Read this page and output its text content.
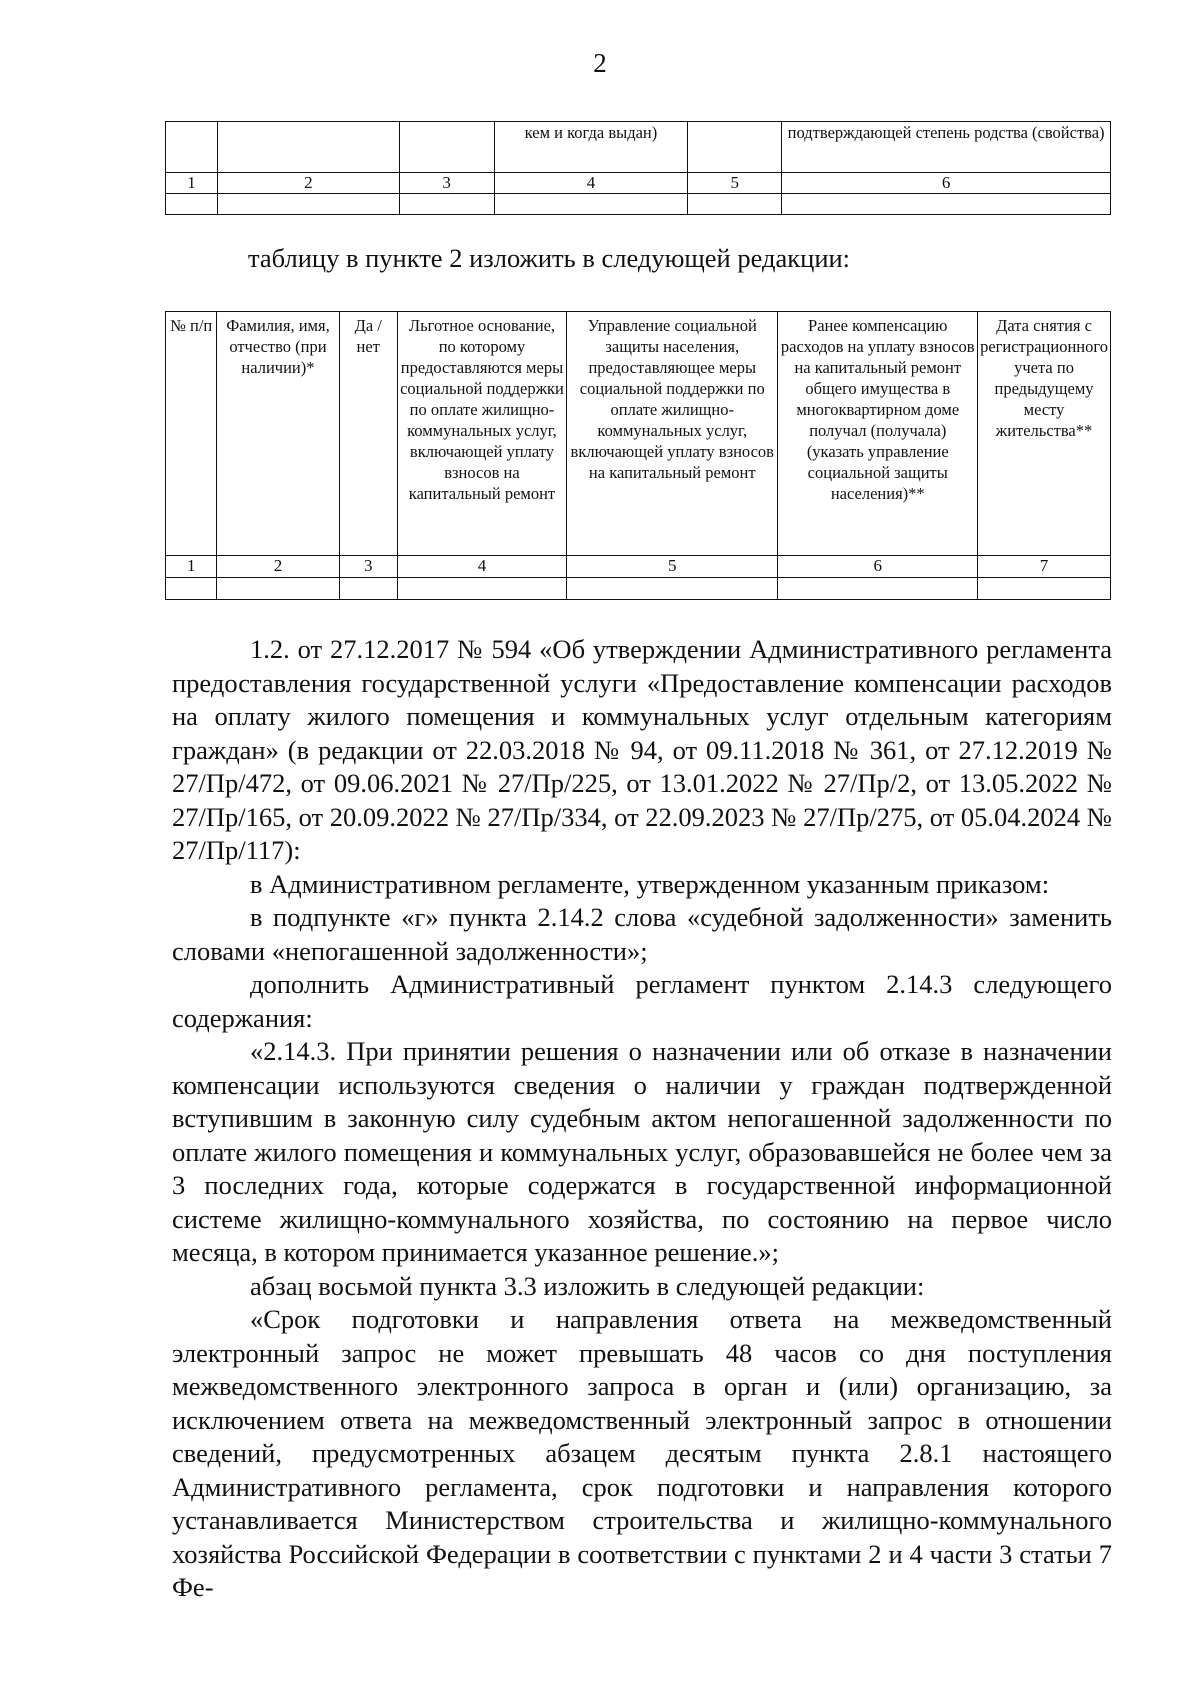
2
			кем и когда выдан)		подтверждающей степень родства (свойства)
1	2	3	4	5	6

таблицу в пункте 2 изложить в следующей редакции:
№ п/п	Фамилия, имя, отчество (при наличии)*	Да / нет	Льготное основание, по которому предоставляются меры социальной поддержки по оплате жилищно-коммунальных услуг, включающей уплату взносов на капитальный ремонт	Управление социальной защиты населения, предоставляющее меры социальной поддержки по оплате жилищно-коммунальных услуг, включающей уплату взносов на капитальный ремонт	Ранее компенсацию расходов на уплату взносов на капитальный ремонт общего имущества в многоквартирном доме получал (получала) (указать управление социальной защиты населения)**	Дата снятия с регистрационного учета по предыдущему месту жительства**
1	2	3	4	5	6	7

1.2. от 27.12.2017 № 594 «Об утверждении Административного регламента предоставления государственной услуги «Предоставление компенсации расходов на оплату жилого помещения и коммунальных услуг отдельным категориям граждан» (в редакции от 22.03.2018 № 94, от 09.11.2018 № 361, от 27.12.2019 № 27/Пр/472, от 09.06.2021 № 27/Пр/225, от 13.01.2022 № 27/Пр/2, от 13.05.2022 № 27/Пр/165, от 20.09.2022 № 27/Пр/334, от 22.09.2023 № 27/Пр/275, от 05.04.2024 № 27/Пр/117):

в Административном регламенте, утвержденном указанным приказом:

в подпункте «г» пункта 2.14.2 слова «судебной задолженности» заменить словами «непогашенной задолженности»;

дополнить Административный регламент пунктом 2.14.3 следующего содержания:

«2.14.3. При принятии решения о назначении или об отказе в назначении компенсации используются сведения о наличии у граждан подтвержденной вступившим в законную силу судебным актом непогашенной задолженности по оплате жилого помещения и коммунальных услуг, образовавшейся не более чем за 3 последних года, которые содержатся в государственной информационной системе жилищно-коммунального хозяйства, по состоянию на первое число месяца, в котором принимается указанное решение.»;

абзац восьмой пункта 3.3 изложить в следующей редакции:

«Срок подготовки и направления ответа на межведомственный электронный запрос не может превышать 48 часов со дня поступления межведомственного электронного запроса в орган и (или) организацию, за исключением ответа на межведомственный электронный запрос в отношении сведений, предусмотренных абзацем десятым пункта 2.8.1 настоящего Административного регламента, срок подготовки и направления которого устанавливается Министерством строительства и жилищно-коммунального хозяйства Российской Федерации в соответствии с пунктами 2 и 4 части 3 статьи 7 Фе-
